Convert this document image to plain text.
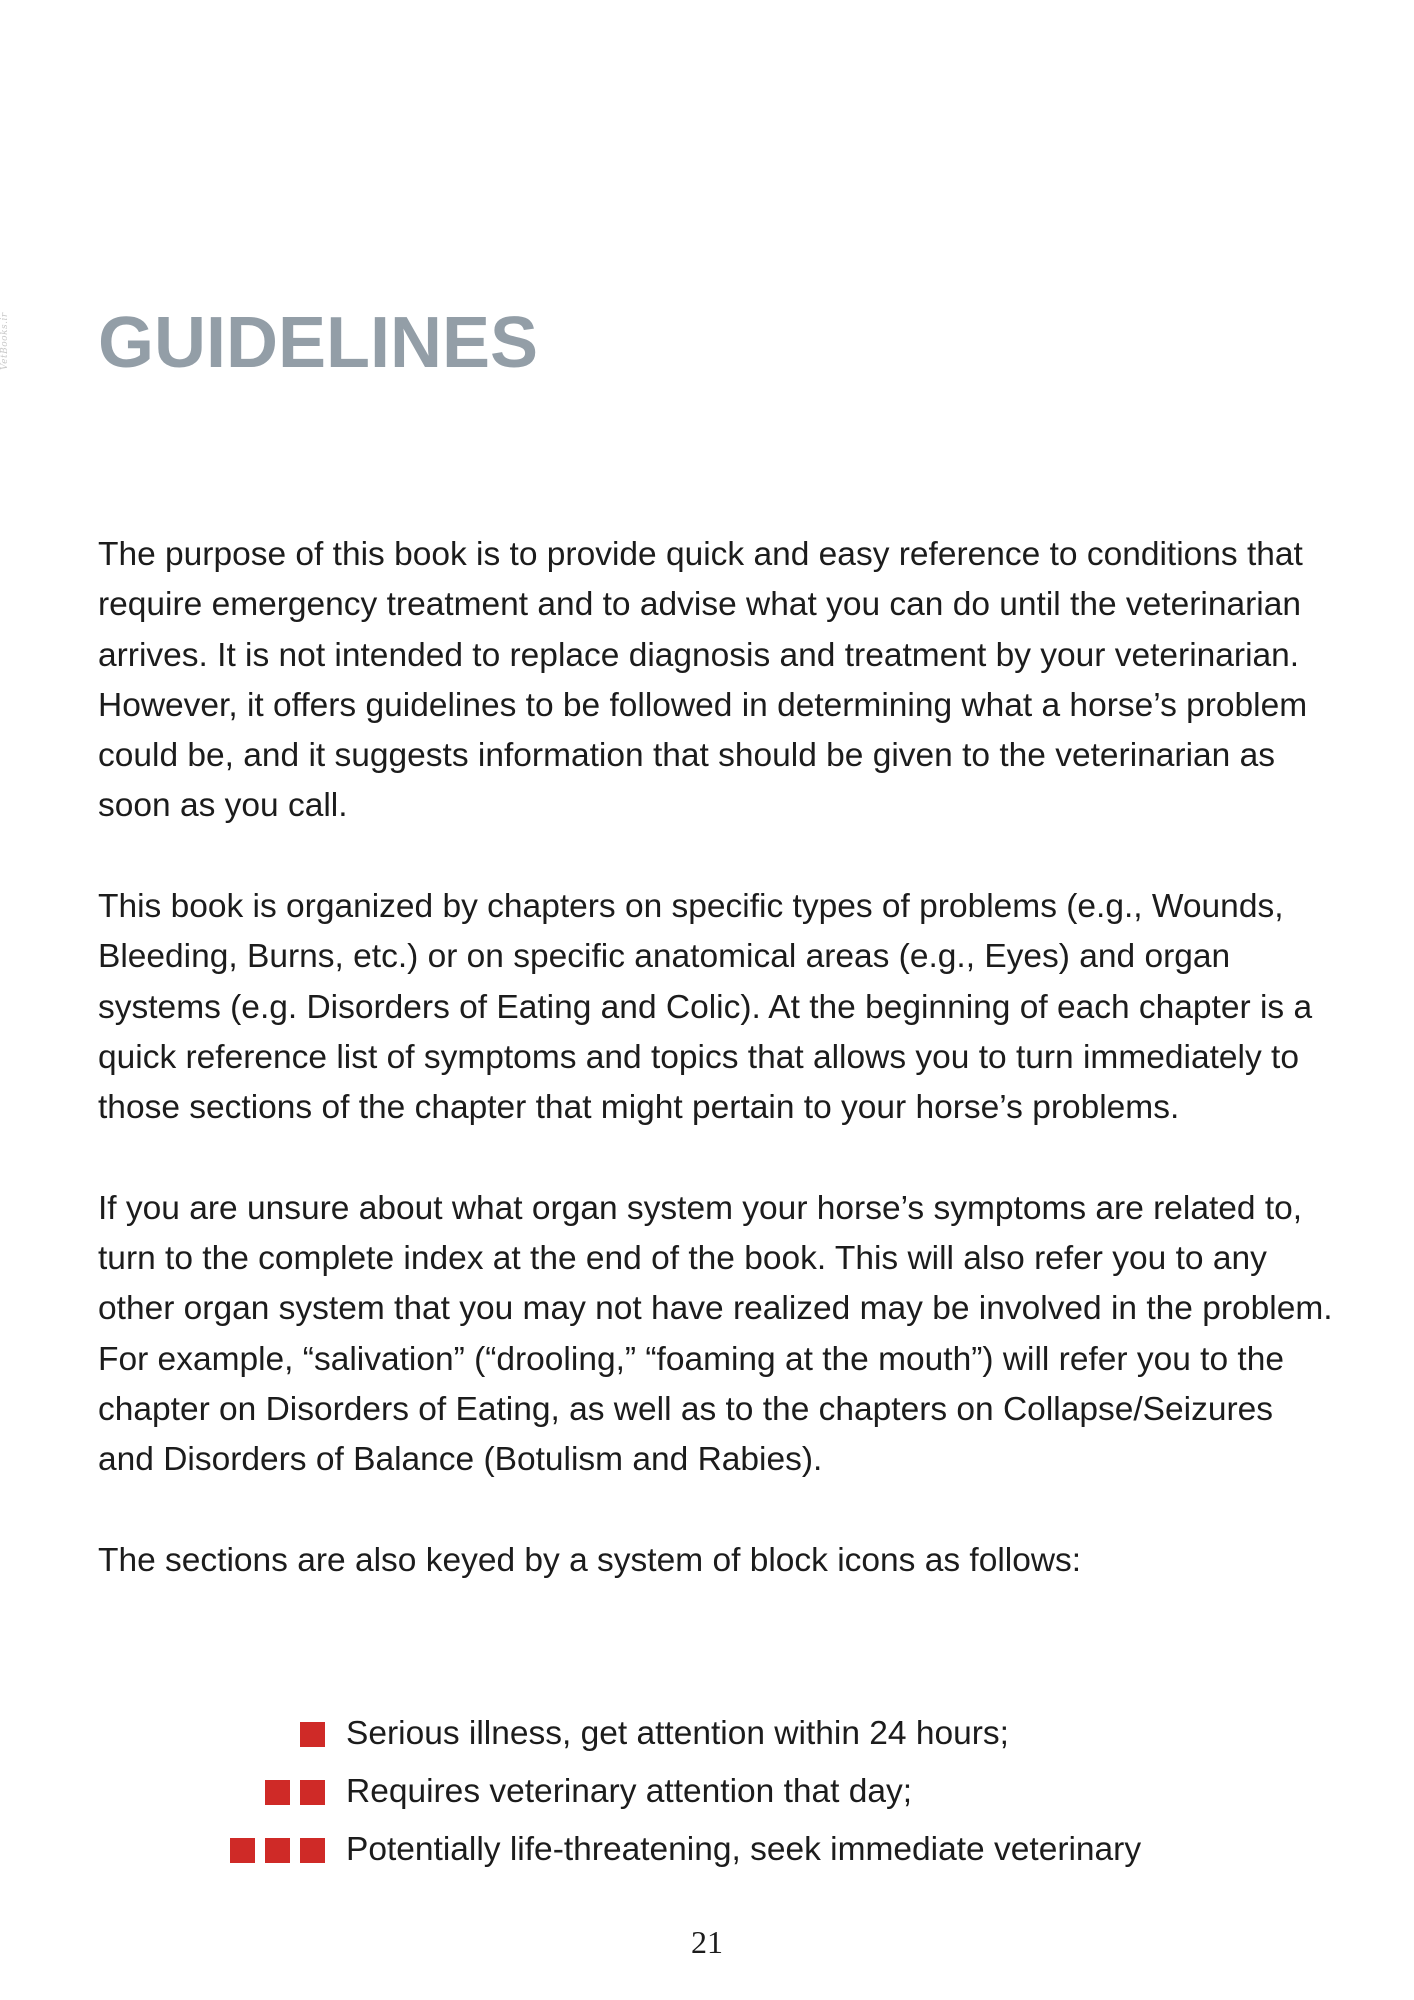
VetBooks.ir GUIDELINES

The purpose of this book is to provide quick and easy reference to conditions that require emergency treatment and to advise what you can do until the veterinarian arrives. It is not intended to replace diagnosis and treatment by your veterinarian. However, it offers guidelines to be followed in determining what a horse’s problem could be, and it suggests information that should be given to the veterinarian as soon as you call.

This book is organized by chapters on specific types of problems (e.g., Wounds, Bleeding, Burns, etc.) or on specific anatomical areas (e.g., Eyes) and organ systems (e.g. Disorders of Eating and Colic). At the beginning of each chapter is a quick reference list of symptoms and topics that allows you to turn immediately to those sections of the chapter that might pertain to your horse’s problems.

If you are unsure about what organ system your horse’s symptoms are related to, turn to the complete index at the end of the book. This will also refer you to any other organ system that you may not have realized may be involved in the problem. For example, “salivation” (“drooling,” “foaming at the mouth”) will refer you to the chapter on Disorders of Eating, as well as to the chapters on Collapse/Seizures and Disorders of Balance (Botulism and Rabies).

The sections are also keyed by a system of block icons as follows:

Serious illness, get attention within 24 hours;
Requires veterinary attention that day;
Potentially life-threatening, seek immediate veterinary
21
